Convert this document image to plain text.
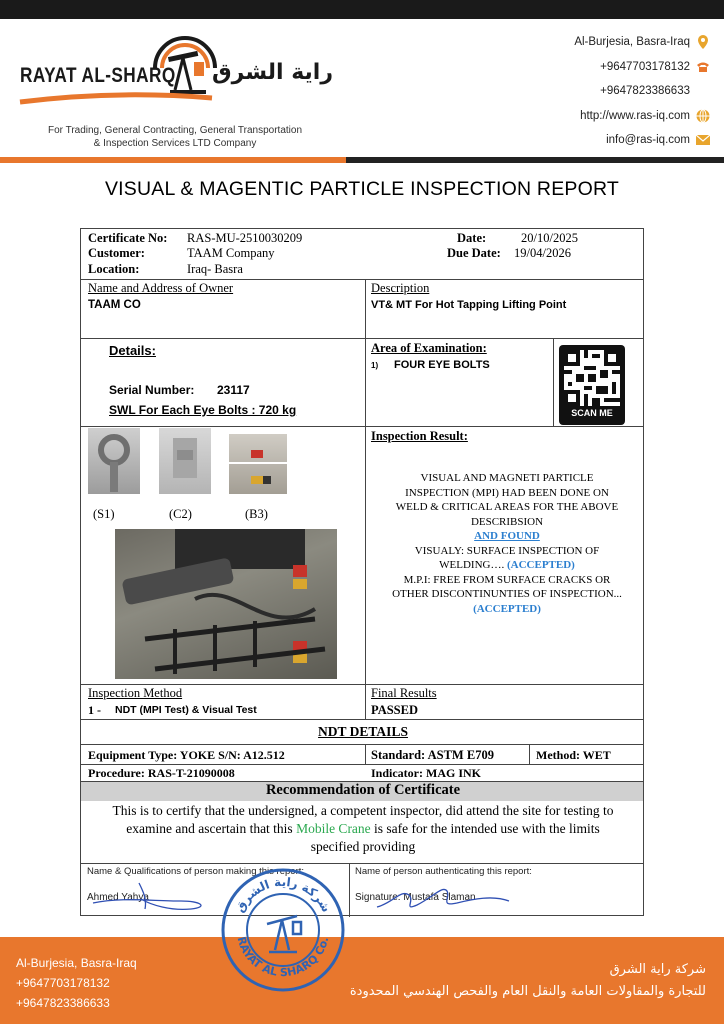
RAYAT AL-SHARQ راية الشرق
For Trading, General Contracting, General Transportation
& Inspection Services LTD Company
Al-Burjesia, Basra-Iraq
+9647703178132
+9647823386633
http://www.ras-iq.com
info@ras-iq.com
VISUAL & MAGENTIC PARTICLE INSPECTION REPORT
Certificate No: RAS-MU-2510030209
Customer:	TAAM Company
Location:	Iraq- Basra
Date:	20/10/2025
Due Date: 19/04/2026
Name and Address of Owner
TAAM CO
Description
VT& MT For Hot Tapping Lifting Point
Details:
Serial Number: 23117
SWL For Each Eye Bolts : 720 kg
Area of Examination:
1) FOUR EYE BOLTS
SCAN ME
(S1)	(C2)	(B3)
Inspection Result:
VISUAL AND MAGNETI PARTICLE
INSPECTION (MPI) HAD BEEN DONE ON
WELD & CRITICAL AREAS FOR THE ABOVE
DESCRIBSION
AND FOUND
VISUALY: SURFACE INSPECTION OF
WELDING…. (ACCEPTED)
M.P.I: FREE FROM SURFACE CRACKS OR
OTHER DISCONTINUNTIES OF INSPECTION...
(ACCEPTED)
Inspection Method
1 - NDT (MPI Test) & Visual Test
Final Results
PASSED
NDT DETAILS
Equipment Type: YOKE S/N: A12.512	Standard: ASTM E709	Method: WET
Procedure: RAS-T-21090008	Indicator: MAG INK
Recommendation of Certificate
This is to certify that the undersigned, a competent inspector, did attend the site for testing to
examine and ascertain that this Mobile Crane is safe for the intended use with the limits
specified providing
Name & Qualifications of person making this report:
Ahmed Yahya
Name of person authenticating this report:
Signature: Mustafa Slaman
Al-Burjesia, Basra-Iraq
+9647703178132
+9647823386633
شركة راية الشرق
للتجارة والمقاولات العامة والنقل العام والفحص الهندسي المحدودة
شركة راية الشرق
RAYAT AL SHARQ Co.
